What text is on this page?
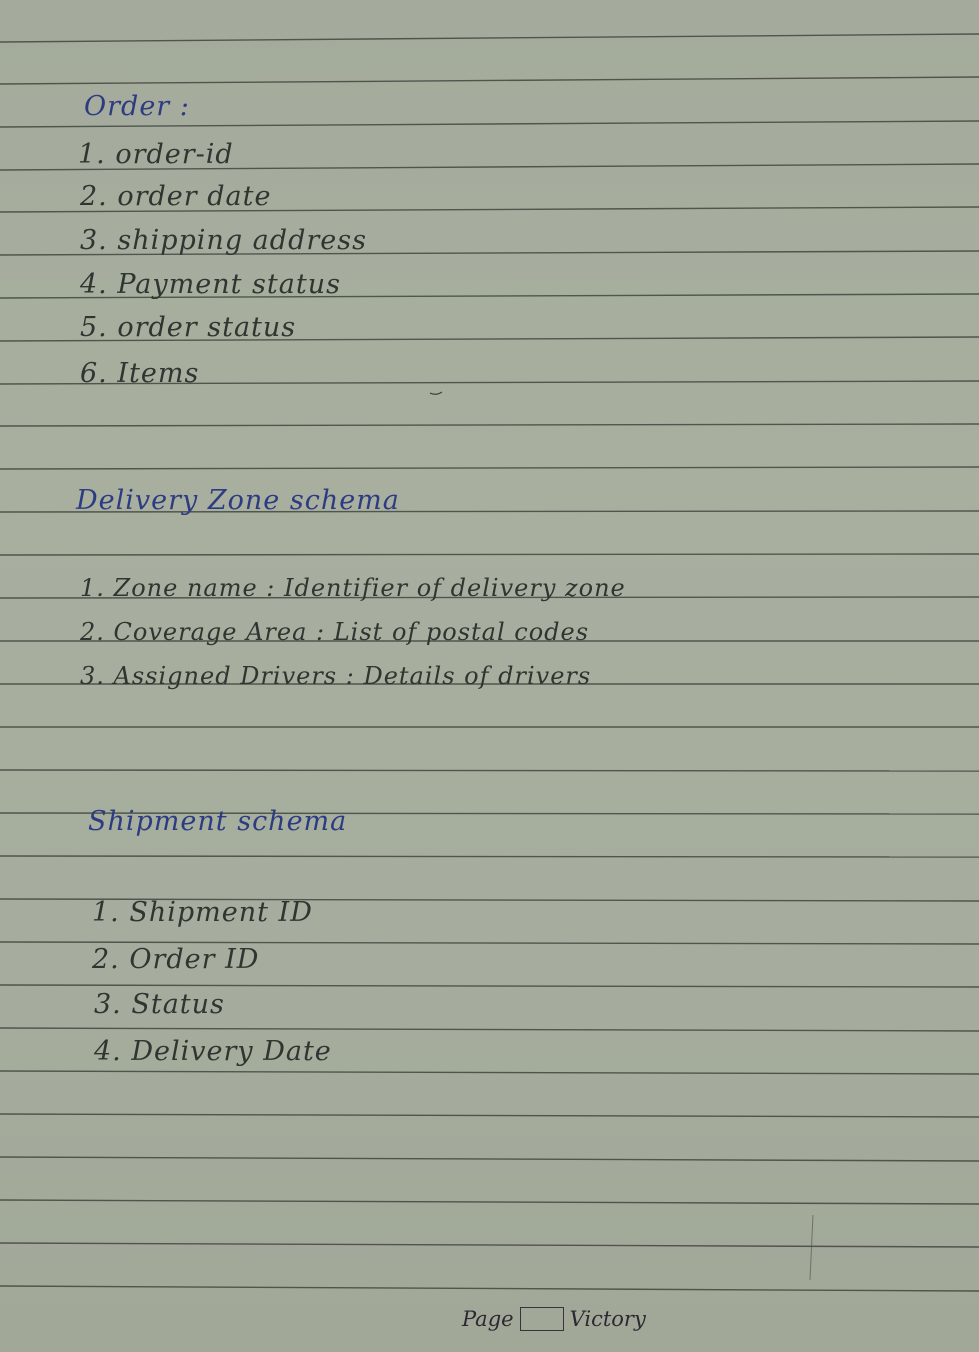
Order :
1. order-id
2. order date
3. shipping address
4. Payment status
5. order status
6. Items
Delivery Zone schema
1. Zone name : Identifier of delivery zone
2. Coverage Area : List of postal codes
3. Assigned Drivers : Details of drivers
Shipment schema
1. Shipment ID
2. Order ID
3. Status
4. Delivery Date
Page	Victory
